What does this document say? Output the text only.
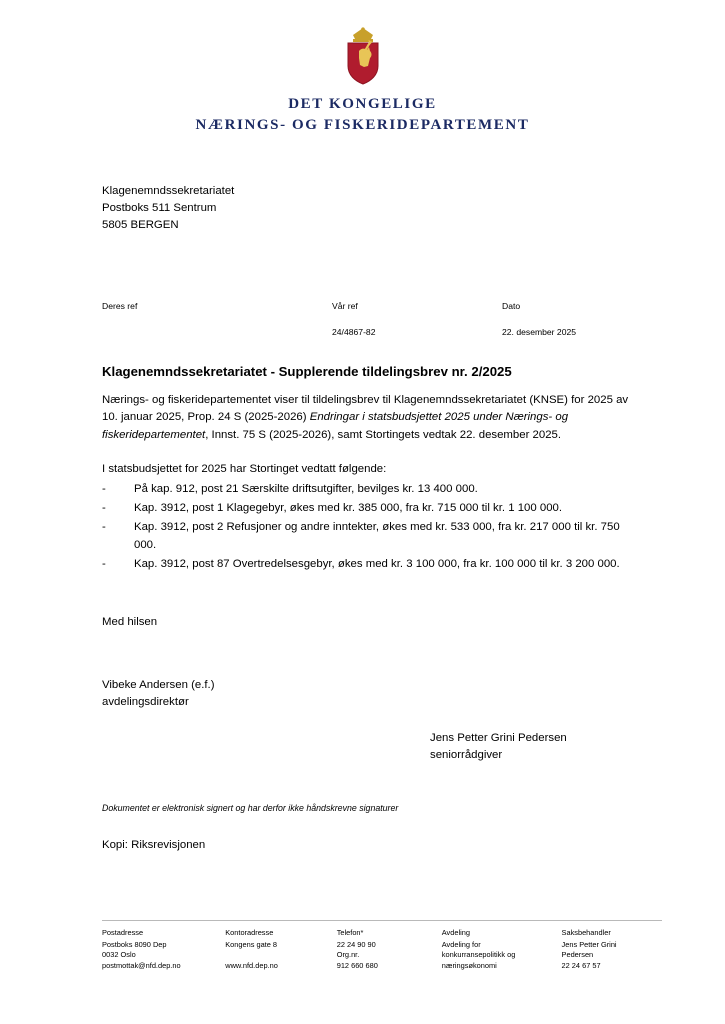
DET KONGELIGE
NÆRINGS- OG FISKERIDEPARTEMENT
Klagenemndssekretariatet
Postboks 511 Sentrum
5805 BERGEN
Deres ref	Vår ref	Dato
	24/4867-82	22. desember 2025
Klagenemndssekretariatet - Supplerende tildelingsbrev nr. 2/2025

Nærings- og fiskeridepartementet viser til tildelingsbrev til Klagenemndssekretariatet (KNSE) for 2025 av 10. januar 2025, Prop. 24 S (2025-2026) Endringar i statsbudsjettet 2025 under Nærings- og fiskeridepartementet, Innst. 75 S (2025-2026), samt Stortingets vedtak 22. desember 2025.

I statsbudsjettet for 2025 har Stortinget vedtatt følgende:

- På kap. 912, post 21 Særskilte driftsutgifter, bevilges kr. 13 400 000.
- Kap. 3912, post 1 Klagegebyr, økes med kr. 385 000, fra kr. 715 000 til kr. 1 100 000.
- Kap. 3912, post 2 Refusjoner og andre inntekter, økes med kr. 533 000, fra kr. 217 000 til kr. 750 000.
- Kap. 3912, post 87 Overtredelsesgebyr, økes med kr. 3 100 000, fra kr. 100 000 til kr. 3 200 000.

Med hilsen

Vibeke Andersen (e.f.)
avdelingsdirektør
Jens Petter Grini Pedersen
seniorrådgiver
Dokumentet er elektronisk signert og har derfor ikke håndskrevne signaturer
Kopi: Riksrevisjonen
Postadresse	Kontoradresse	Telefon*	Avdeling	Saksbehandler
Postboks 8090 Dep	Kongens gate 8	22 24 90 90	Avdeling for	Jens Petter Grini
0032 Oslo		Org.nr.	konkurransepolitikk og	Pedersen
postmottak@nfd.dep.no	www.nfd.dep.no	912 660 680	næringsøkonomi	22 24 67 57
